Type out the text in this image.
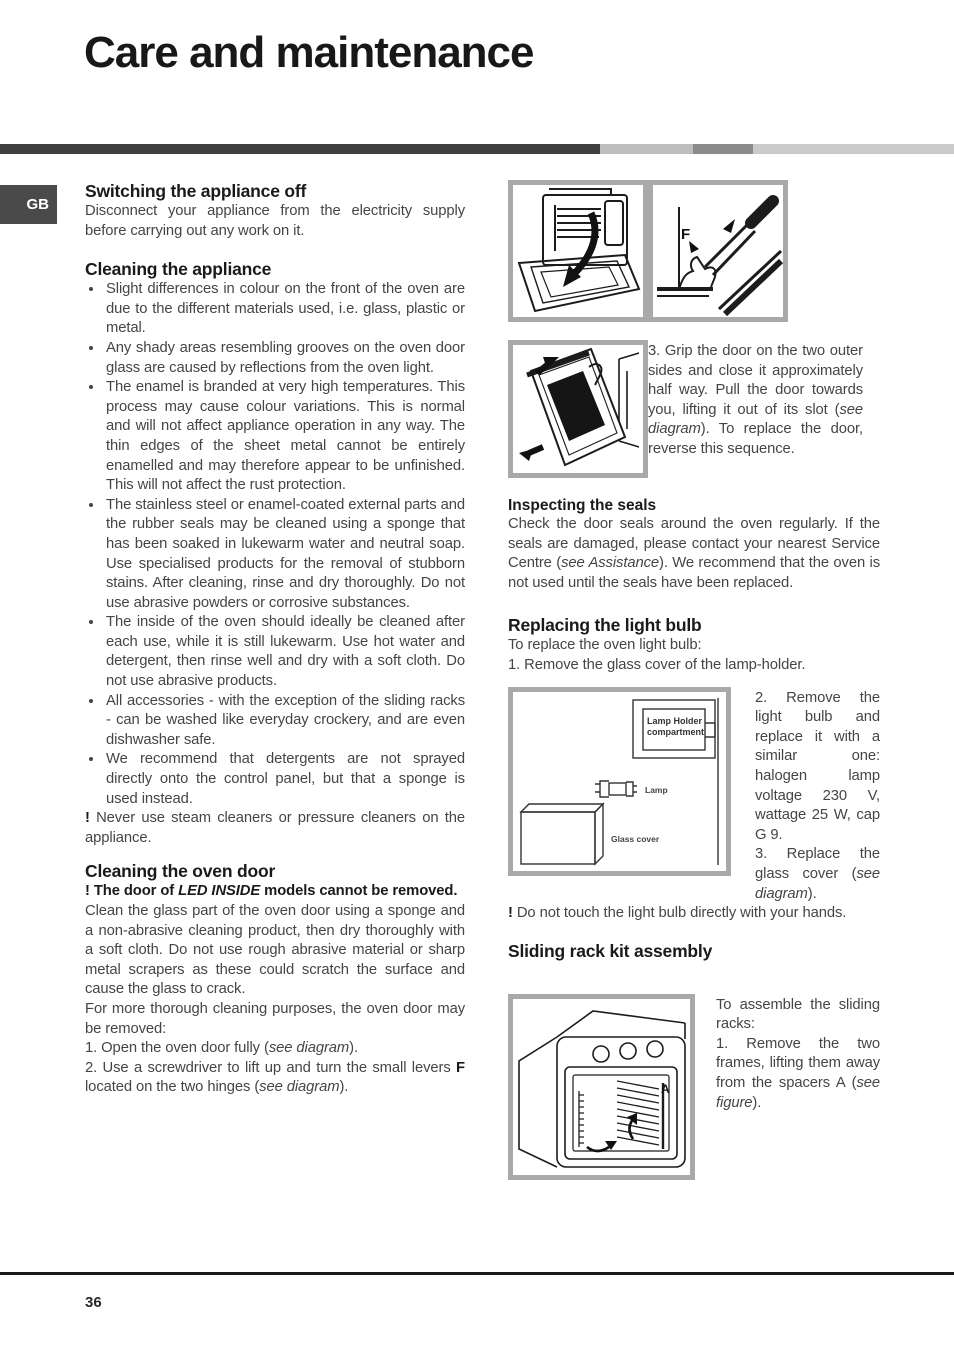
Care and maintenance
GB
Switching the appliance off

Disconnect your appliance from the electricity supply before carrying out any work on it.

Cleaning the appliance
• Slight differences in colour on the front of the oven are due to the different materials used, i.e. glass, plastic or metal.
• Any shady areas resembling grooves on the oven door glass are caused by reflections from the oven light.
• The enamel is branded at very high temperatures. This process may cause colour variations. This is normal and will not affect appliance operation in any way. The thin edges of the sheet metal cannot be entirely enamelled and may therefore appear to be unfinished. This will not affect the rust protection.
• The stainless steel or enamel-coated external parts and the rubber seals may be cleaned using a sponge that has been soaked in lukewarm water and neutral soap. Use specialised products for the removal of stubborn stains. After cleaning, rinse and dry thoroughly. Do not use abrasive powders or corrosive substances.
• The inside of the oven should ideally be cleaned after each use, while it is still lukewarm. Use hot water and detergent, then rinse well and dry with a soft cloth. Do not use abrasive products.
• All accessories - with the exception of the sliding racks - can be washed like everyday crockery, and are even dishwasher safe.
• We recommend that detergents are not sprayed directly onto the control panel, but that a sponge is used instead.

! Never use steam cleaners or pressure cleaners on the appliance.

Cleaning the oven door

! The door of LED INSIDE models cannot be removed.

Clean the glass part of the oven door using a sponge and a non-abrasive cleaning product, then dry thoroughly with a soft cloth. Do not use rough abrasive material or sharp metal scrapers as these could scratch the surface and cause the glass to crack.

For more thorough cleaning purposes, the oven door may be removed:

1. Open the oven door fully (see diagram).

2. Use a screwdriver to lift up and turn the small levers F located on the two hinges (see diagram).

F

3. Grip the door on the two outer sides and close it approximately half way. Pull the door towards you, lifting it out of its slot (see diagram). To replace the door, reverse this sequence.

Inspecting the seals

Check the door seals around the oven regularly. If the seals are damaged, please contact your nearest Service Centre (see Assistance). We recommend that the oven is not used until the seals have been replaced.

Replacing the light bulb

To replace the oven light bulb:

1. Remove the glass cover of the lamp-holder.

Lamp Holder
compartment
Lamp
Glass cover

2. Remove the light bulb and replace it with a similar one: halogen lamp voltage 230 V, wattage 25 W, cap G 9.

3. Replace the glass cover (see diagram).

! Do not touch the light bulb directly with your hands.

Sliding rack kit assembly
A

To assemble the sliding racks:

1. Remove the two frames, lifting them away from the spacers A (see figure).

36
